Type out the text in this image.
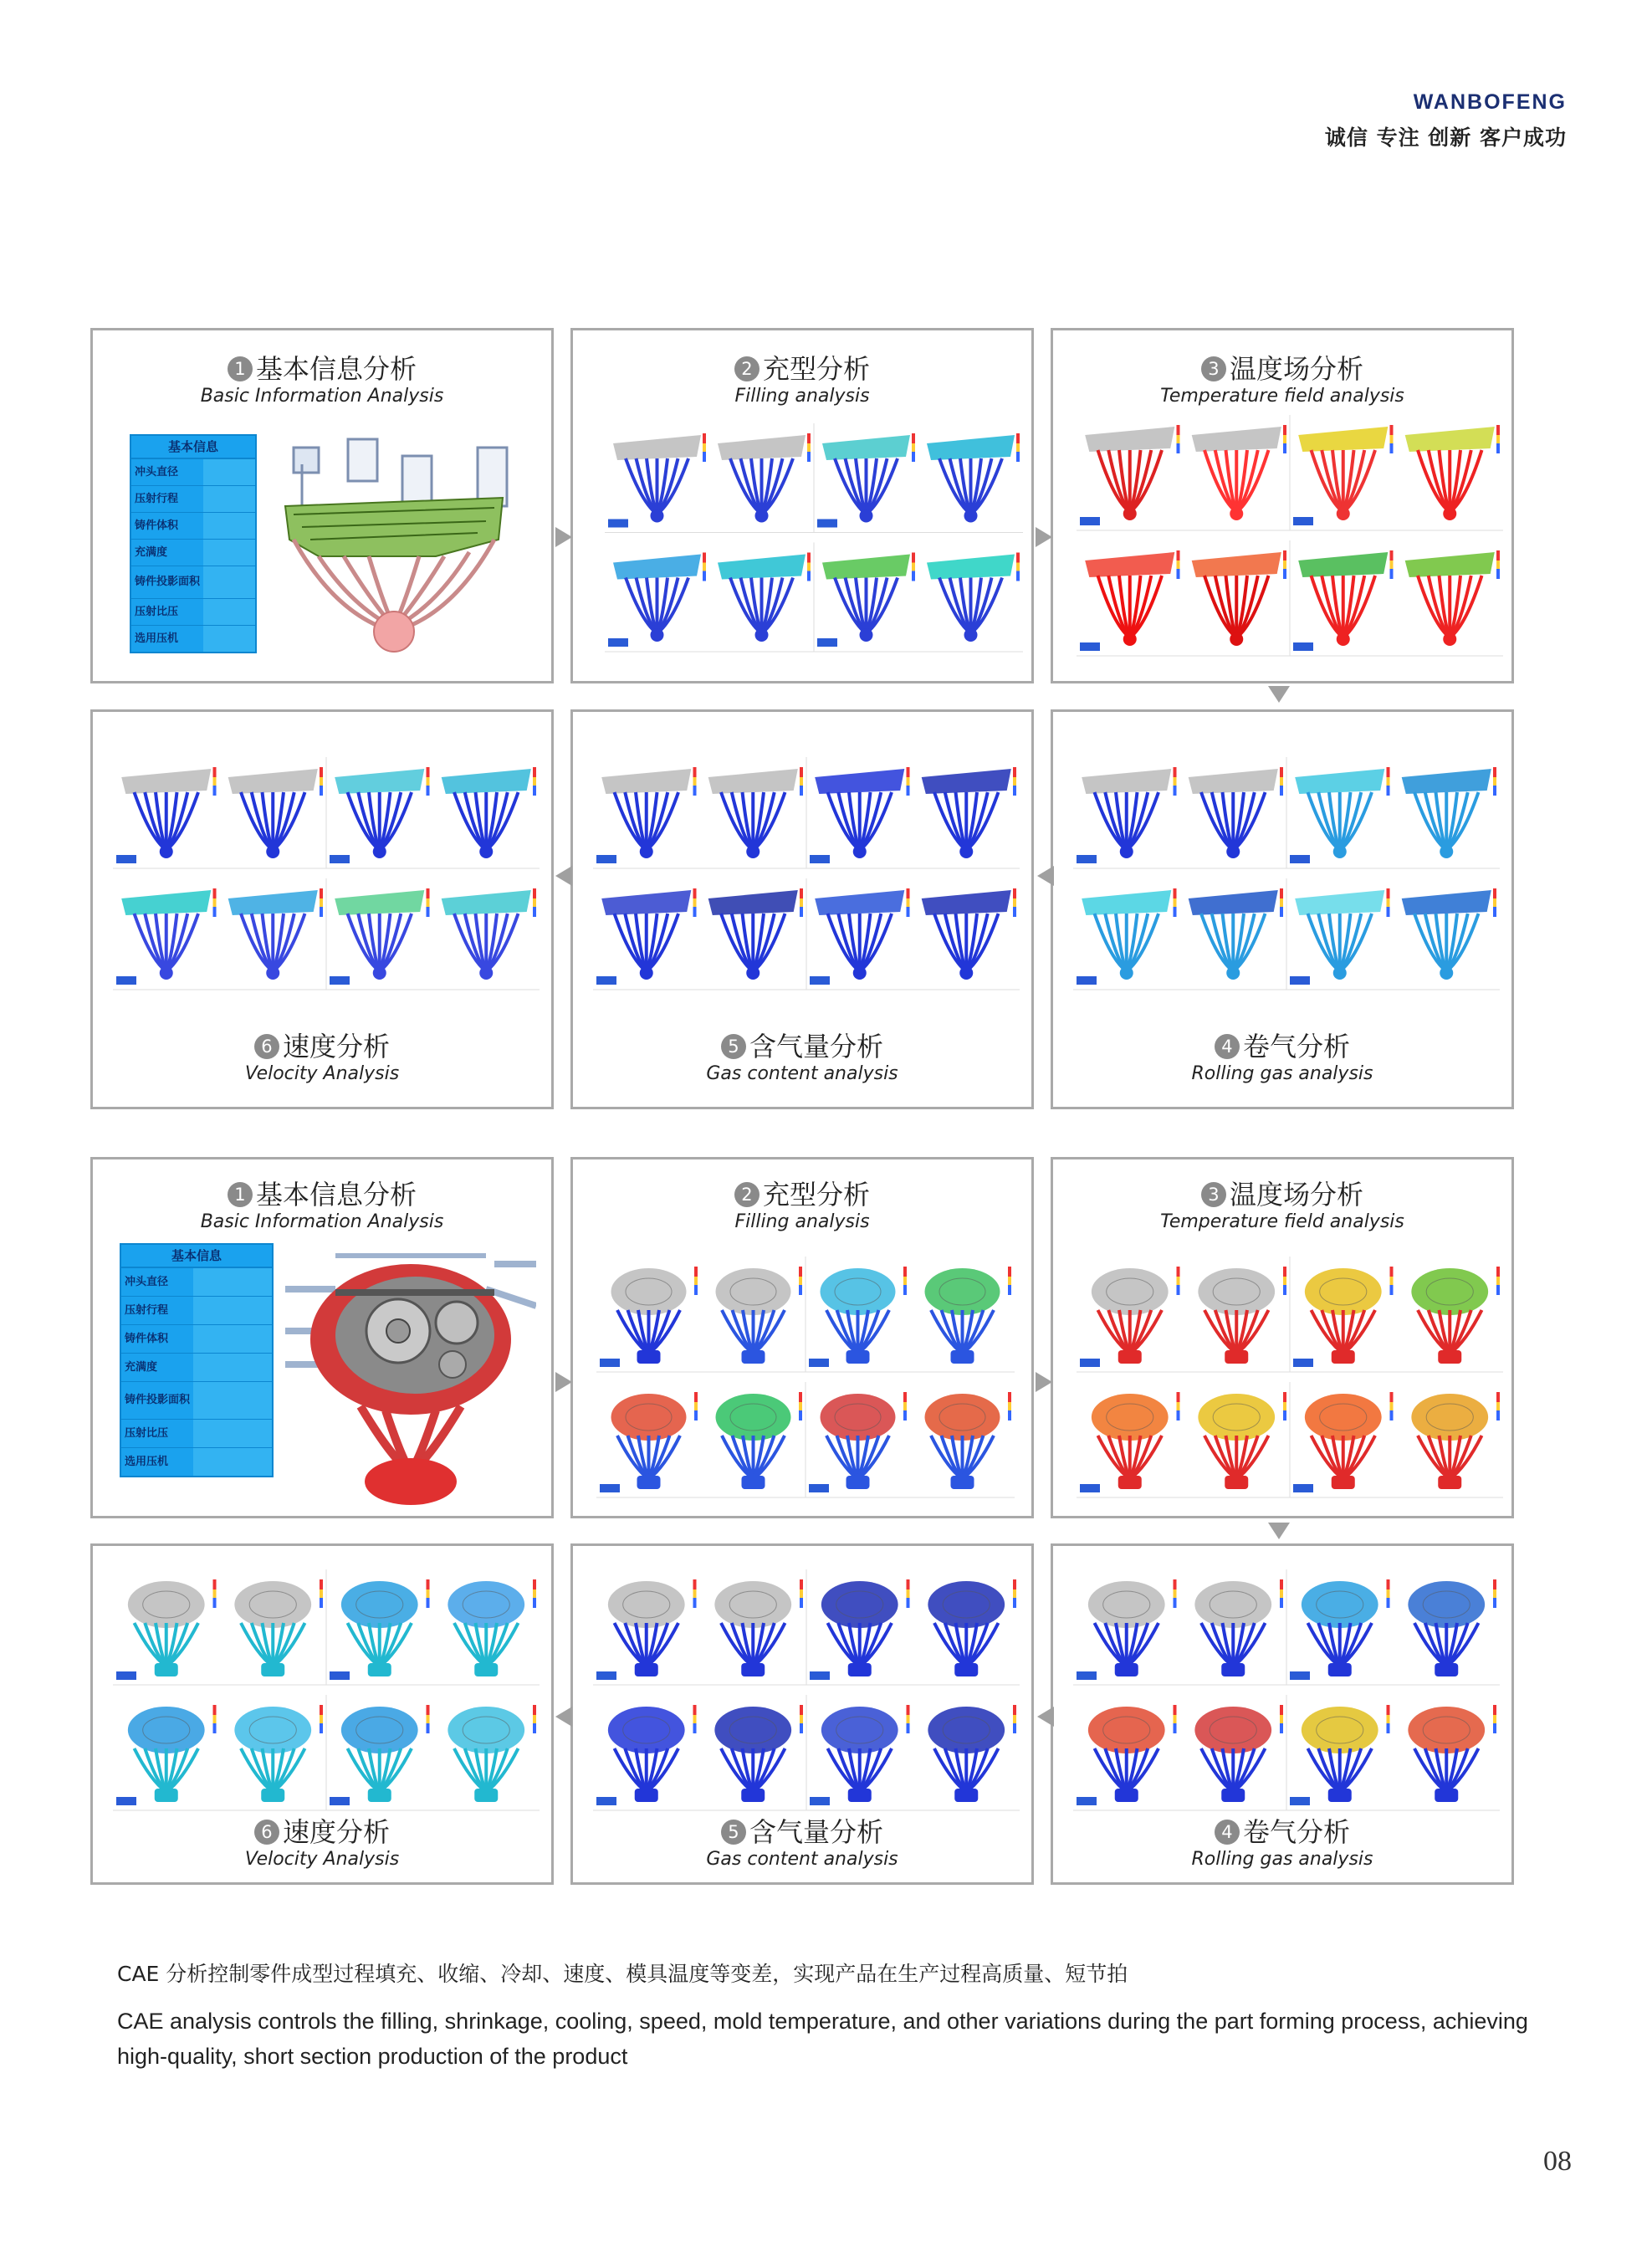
WANBOFENG
诚信 专注 创新 客户成功
1 基本信息分析
Basic Information Analysis
基本信息
冲头直径
压射行程
铸件体积
充满度
铸件投影面积
压射比压
选用压机
2 充型分析
Filling analysis
3 温度场分析
Temperature field analysis
6 速度分析
Velocity Analysis
5 含气量分析
Gas content analysis
4 卷气分析
Rolling gas analysis
1 基本信息分析
Basic Information Analysis
基本信息
冲头直径
压射行程
铸件体积
充满度
铸件投影面积
压射比压
选用压机
2 充型分析
Filling analysis
3 温度场分析
Temperature field analysis
6 速度分析
Velocity Analysis
5 含气量分析
Gas content analysis
4 卷气分析
Rolling gas analysis
CAE 分析控制零件成型过程填充、收缩、冷却、速度、模具温度等变差，实现产品在生产过程高质量、短节拍
CAE analysis controls the filling, shrinkage, cooling, speed, mold temperature, and other variations during the part forming process, achieving high-quality, short section production of the product
08
